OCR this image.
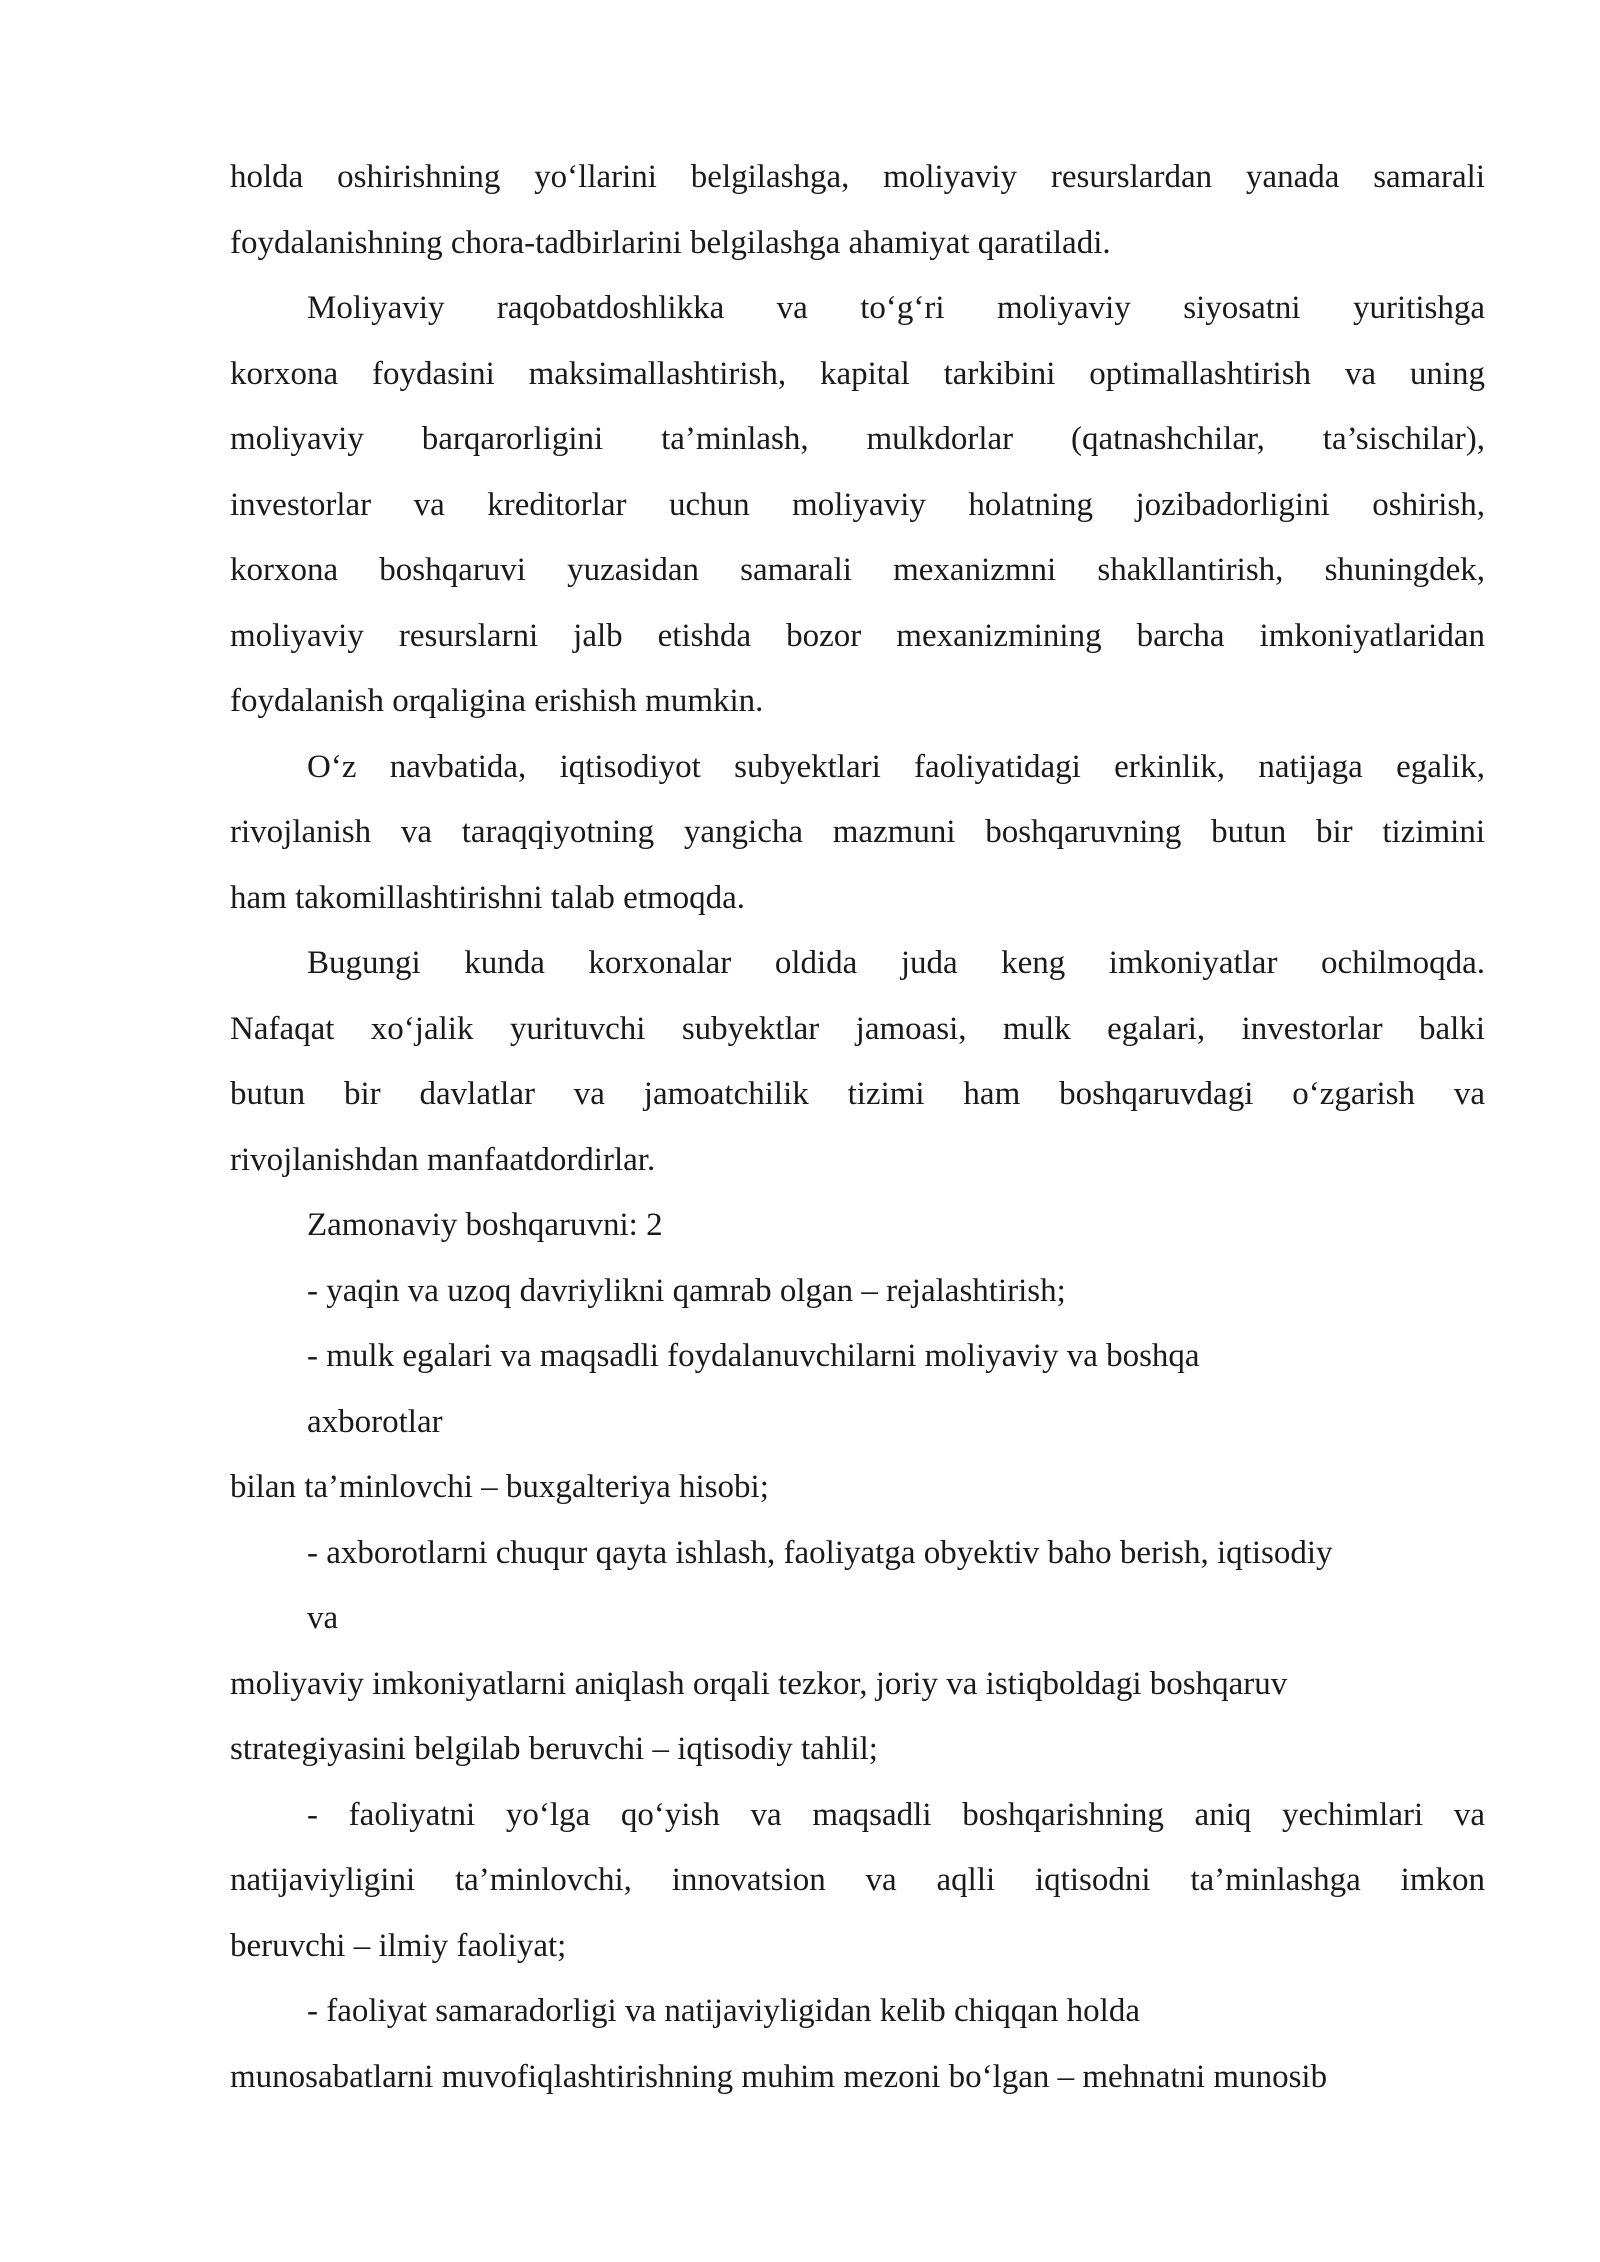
holda oshirishning yo‘llarini belgilashga, moliyaviy resurslardan yanada samarali
foydalanishning chora-tadbirlarini belgilashga ahamiyat qaratiladi.
Moliyaviy raqobatdoshlikka va to‘g‘ri moliyaviy siyosatni yuritishga
korxona foydasini maksimallashtirish, kapital tarkibini optimallashtirish va uning
moliyaviy barqarorligini ta’minlash, mulkdorlar (qatnashchilar, ta’sischilar),
investorlar va kreditorlar uchun moliyaviy holatning jozibadorligini oshirish,
korxona boshqaruvi yuzasidan samarali mexanizmni shakllantirish, shuningdek,
moliyaviy resurslarni jalb etishda bozor mexanizmining barcha imkoniyatlaridan
foydalanish orqaligina erishish mumkin.
O‘z navbatida, iqtisodiyot subyektlari faoliyatidagi erkinlik, natijaga egalik,
rivojlanish va taraqqiyotning yangicha mazmuni boshqaruvning butun bir tizimini
ham takomillashtirishni talab etmoqda.
Bugungi kunda korxonalar oldida juda keng imkoniyatlar ochilmoqda.
Nafaqat xo‘jalik yurituvchi subyektlar jamoasi, mulk egalari, investorlar balki
butun bir davlatlar va jamoatchilik tizimi ham boshqaruvdagi o‘zgarish va
rivojlanishdan manfaatdordirlar.
Zamonaviy boshqaruvni: 2
- yaqin va uzoq davriylikni qamrab olgan – rejalashtirish;
- mulk egalari va maqsadli foydalanuvchilarni moliyaviy va boshqa
axborotlar
bilan ta’minlovchi – buxgalteriya hisobi;
- axborotlarni chuqur qayta ishlash, faoliyatga obyektiv baho berish, iqtisodiy
va
moliyaviy imkoniyatlarni aniqlash orqali tezkor, joriy va istiqboldagi boshqaruv
strategiyasini belgilab beruvchi – iqtisodiy tahlil;
- faoliyatni yo‘lga qo‘yish va maqsadli boshqarishning aniq yechimlari va
natijaviyligini ta’minlovchi, innovatsion va aqlli iqtisodni ta’minlashga imkon
beruvchi – ilmiy faoliyat;
- faoliyat samaradorligi va natijaviyligidan kelib chiqqan holda
munosabatlarni muvofiqlashtirishning muhim mezoni bo‘lgan – mehnatni munosib
